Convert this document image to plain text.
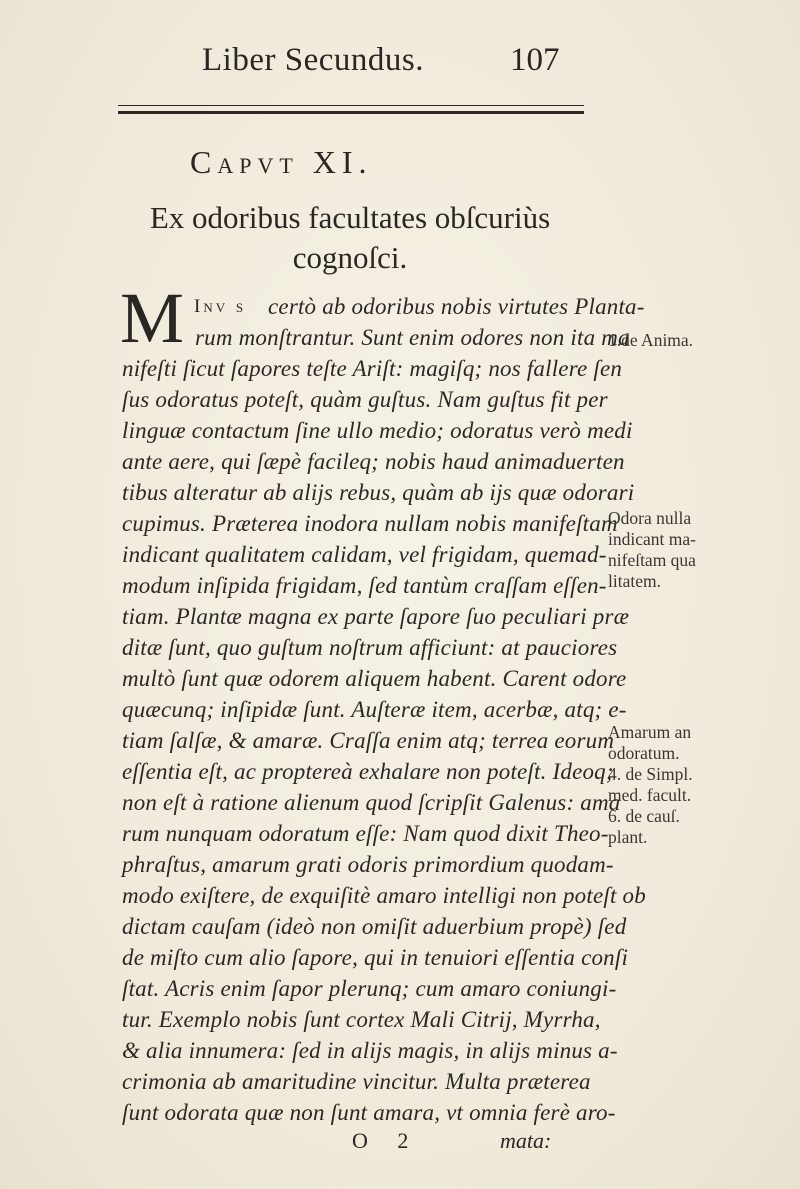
Liber Secundus.	107
Capvt XI.
Ex odoribus facultates obſcuriùs cognoſci.
M Inv s certò ab odoribus nobis virtutes Planta-
rum monſtrantur. Sunt enim odores non ita ma
nifeſti ſicut ſapores teſte Ariſt: magiſq; nos fallere ſen
ſus odoratus poteſt, quàm guſtus. Nam guſtus fit per
linguæ contactum ſine ullo medio; odoratus verò medi
ante aere, qui ſæpè facileq; nobis haud animaduerten
tibus alteratur ab alijs rebus, quàm ab ijs quæ odorari
cupimus. Præterea inodora nullam nobis manifeſtam
indicant qualitatem calidam, vel frigidam, quemad-
modum inſipida frigidam, ſed tantùm craſſam eſſen-
tiam. Plantæ magna ex parte ſapore ſuo peculiari præ
ditæ ſunt, quo guſtum noſtrum afficiunt: at pauciores
multò ſunt quæ odorem aliquem habent. Carent odore
quæcunq; inſipidæ ſunt. Auſteræ item, acerbæ, atq; e-
tiam ſalſæ, & amaræ. Craſſa enim atq; terrea eorum
eſſentia eſt, ac proptereà exhalare non poteſt. Ideoq;
non eſt à ratione alienum quod ſcripſit Galenus: ama
rum nunquam odoratum eſſe: Nam quod dixit Theo-
phraſtus, amarum grati odoris primordium quodam-
modo exiſtere, de exquiſitè amaro intelligi non poteſt ob
dictam cauſam (ideò non omiſit aduerbium propè) ſed
de miſto cum alio ſapore, qui in tenuiori eſſentia conſi
ſtat. Acris enim ſapor plerunq; cum amaro coniungi-
tur. Exemplo nobis ſunt cortex Mali Citrij, Myrrha,
& alia innumera: ſed in alijs magis, in alijs minus a-
crimonia ab amaritudine vincitur. Multa præterea
ſunt odorata quæ non ſunt amara, vt omnia ferè aro-
O 2	mata:
1.de Anima.
Odora nulla
indicant ma-
nifeſtam qua
litatem.
Amarum an
odoratum.
4. de Simpl.
med. facult.
6. de cauſ.
plant.
